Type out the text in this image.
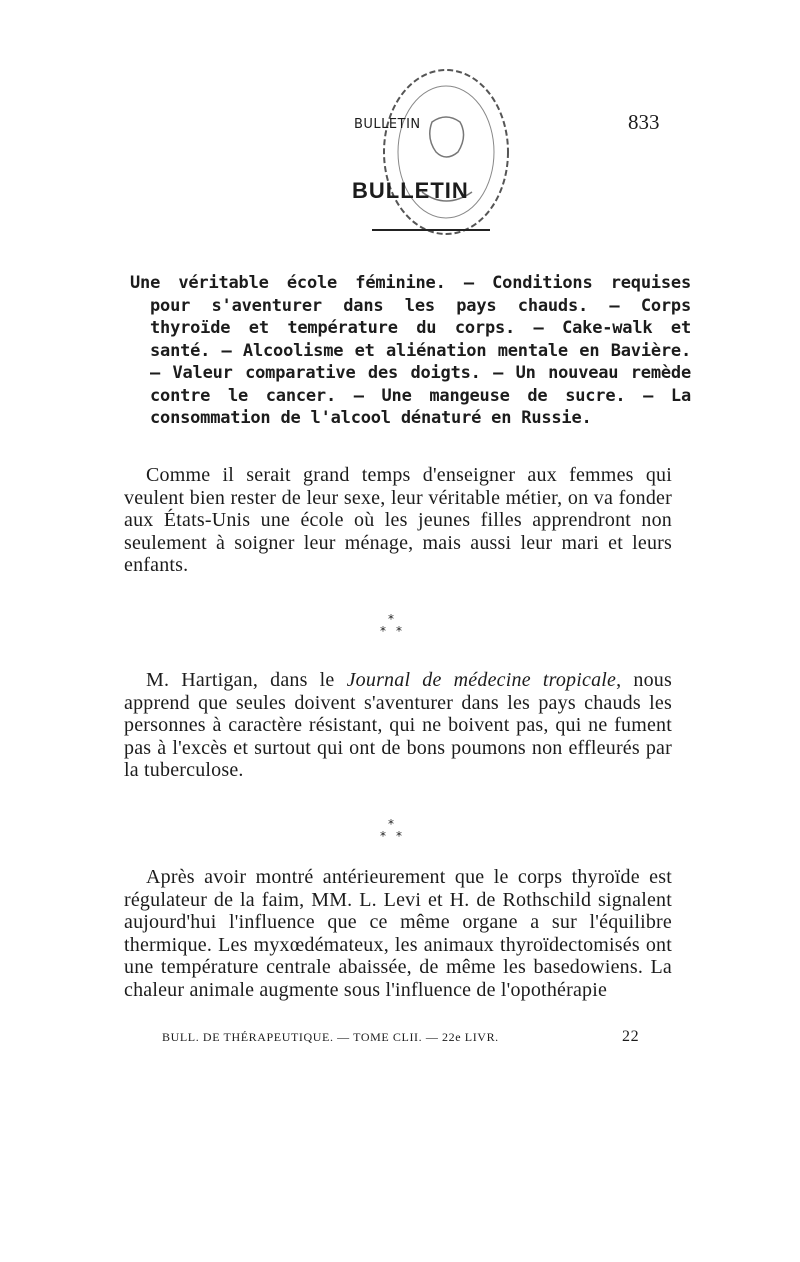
BULLETIN	833
BULLETIN
Une véritable école féminine. — Conditions requises pour s'aventurer dans les pays chauds. — Corps thyroïde et température du corps. — Cake-walk et santé. — Alcoolisme et aliénation mentale en Bavière. — Valeur comparative des doigts. — Un nouveau remède contre le cancer. — Une mangeuse de sucre. — La consommation de l'alcool dénaturé en Russie.
Comme il serait grand temps d'enseigner aux femmes qui veulent bien rester de leur sexe, leur véritable métier, on va fonder aux États-Unis une école où les jeunes filles apprendront non seulement à soigner leur ménage, mais aussi leur mari et leurs enfants.
*
* *
M. Hartigan, dans le Journal de médecine tropicale, nous apprend que seules doivent s'aventurer dans les pays chauds les personnes à caractère résistant, qui ne boivent pas, qui ne fument pas à l'excès et surtout qui ont de bons poumons non effleurés par la tuberculose.
*
* *
Après avoir montré antérieurement que le corps thyroïde est régulateur de la faim, MM. L. Levi et H. de Rothschild signalent aujourd'hui l'influence que ce même organe a sur l'équilibre thermique. Les myxœdémateux, les animaux thyroïdectomisés ont une température centrale abaissée, de même les basedowiens. La chaleur animale augmente sous l'influence de l'opothérapie
BULL. DE THÉRAPEUTIQUE. — TOME CLII. — 22e LIVR.	22
